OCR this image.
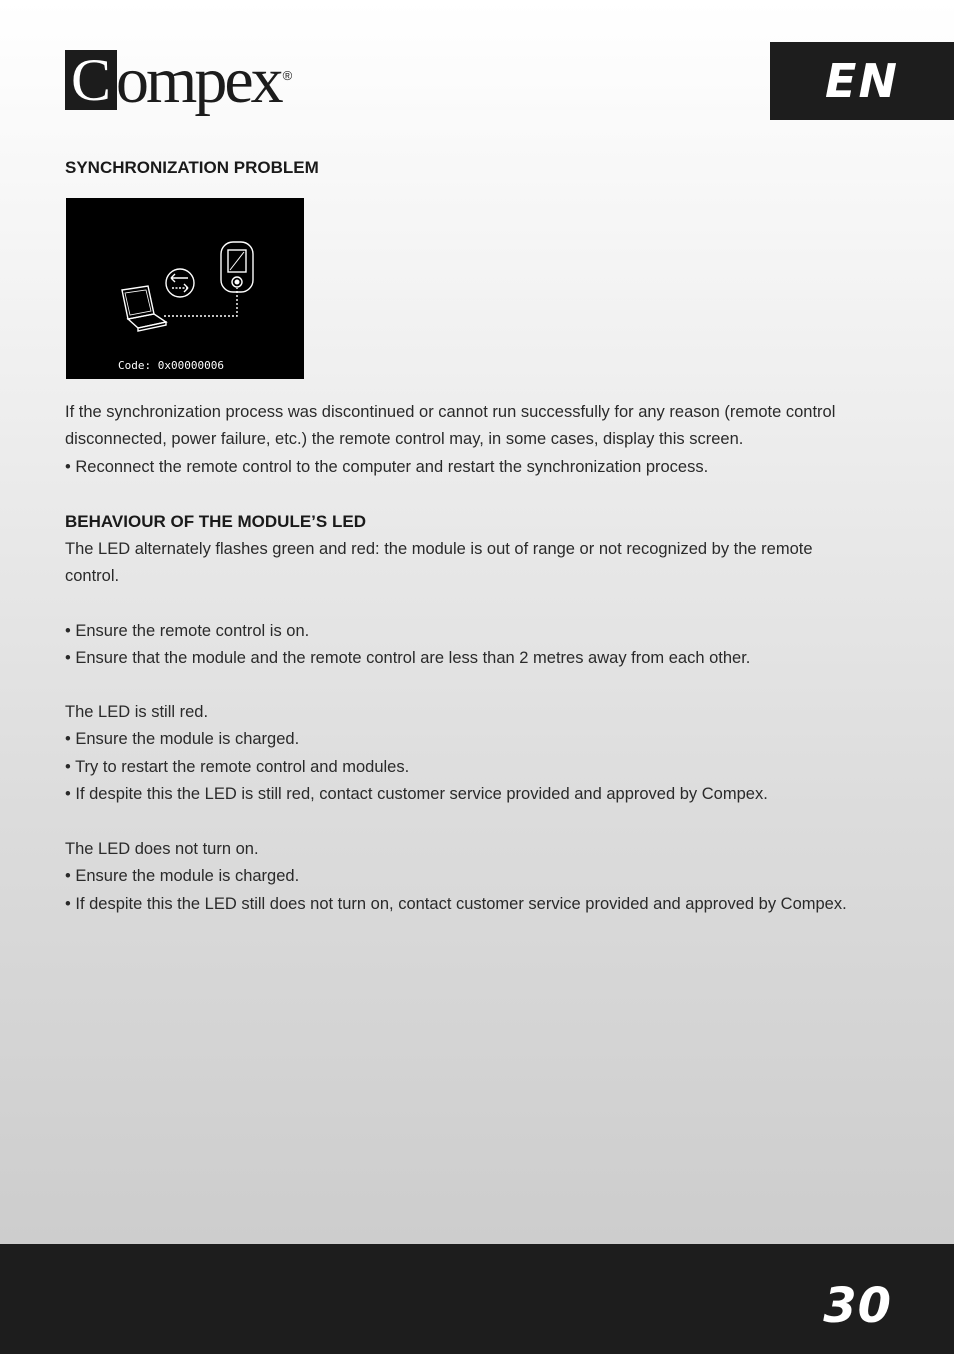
C ompex ®	EN
SYNCHRONIZATION PROBLEM
Code: 0x00000006

If the synchronization process was discontinued or cannot run successfully for any reason (remote control

disconnected, power failure, etc.) the remote control may, in some cases, display this screen.

• Reconnect the remote control to the computer and restart the synchronization process.

BEHAVIOUR OF THE MODULE’S LED

The LED alternately flashes green and red: the module is out of range or not recognized by the remote

control.

• Ensure the remote control is on.

• Ensure that the module and the remote control are less than 2 metres away from each other.

The LED is still red.

• Ensure the module is charged.

• Try to restart the remote control and modules.

• If despite this the LED is still red, contact customer service provided and approved by Compex.

The LED does not turn on.

• Ensure the module is charged.

• If despite this the LED still does not turn on, contact customer service provided and approved by Compex.

30
